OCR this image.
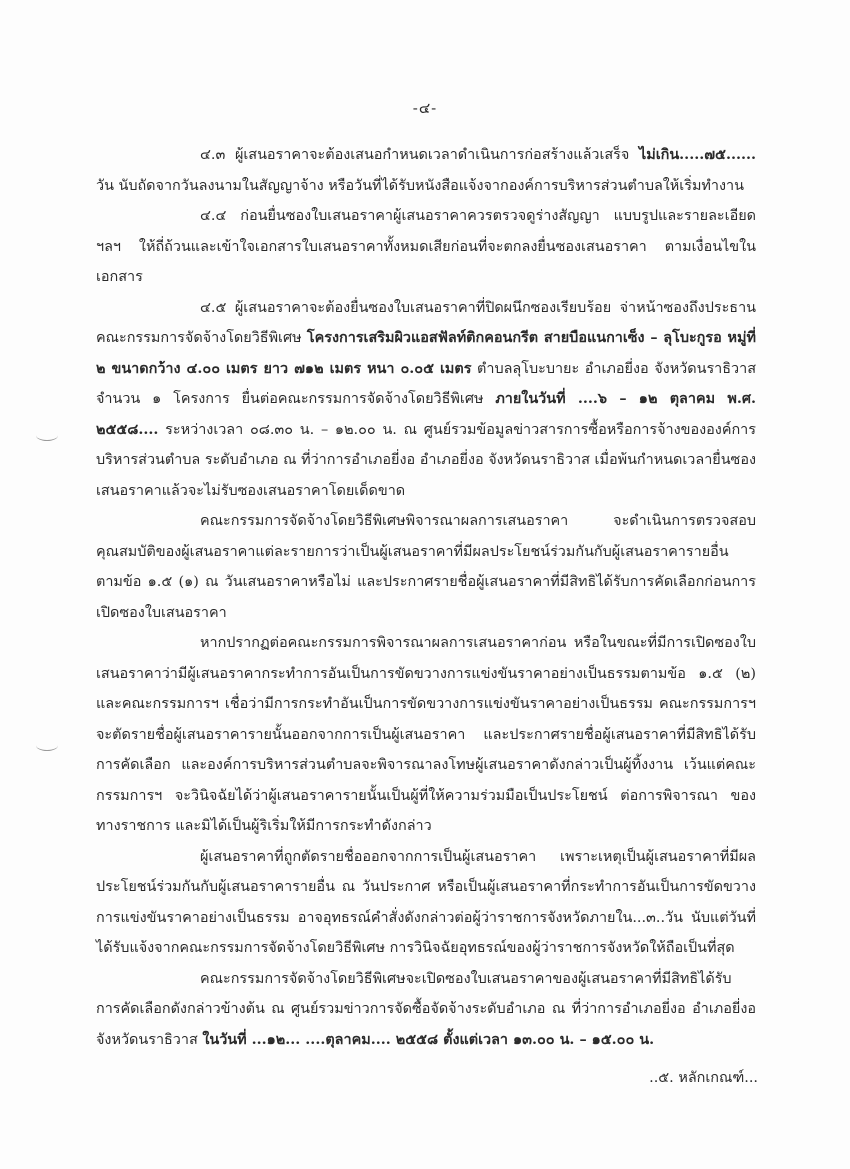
-๔-

๔.๓ ผู้เสนอราคาจะต้องเสนอกำหนดเวลาดำเนินการก่อสร้างแล้วเสร็จ ไม่เกิน.....๗๕...... วัน นับถัดจากวันลงนามในสัญญาจ้าง หรือวันที่ได้รับหนังสือแจ้งจากองค์การบริหารส่วนตำบลให้เริ่มทำงาน

๔.๔ ก่อนยื่นซองใบเสนอราคาผู้เสนอราคาควรตรวจดูร่างสัญญา แบบรูปและรายละเอียด ฯลฯ ให้ถี่ถ้วนและเข้าใจเอกสารใบเสนอราคาทั้งหมดเสียก่อนที่จะตกลงยื่นซองเสนอราคา ตามเงื่อนไขในเอกสาร

๔.๕ ผู้เสนอราคาจะต้องยื่นซองใบเสนอราคาที่ปิดผนึกซองเรียบร้อย จ่าหน้าซองถึงประธานคณะกรรมการจัดจ้างโดยวิธีพิเศษ โครงการเสริมผิวแอสฟัลท์ติกคอนกรีต สายบือแนกาเซ็ง – ลุโบะกูรอ หมู่ที่ ๒ ขนาดกว้าง ๔.๐๐ เมตร ยาว ๗๑๒ เมตร หนา ๐.๐๕ เมตร ตำบลลุโบะบายะ อำเภอยี่งอ จังหวัดนราธิวาส จำนวน ๑ โครงการ ยื่นต่อคณะกรรมการจัดจ้างโดยวิธีพิเศษ ภายในวันที่ ....๖ – ๑๒ ตุลาคม พ.ศ. ๒๕๕๘.... ระหว่างเวลา ๐๘.๓๐ น. – ๑๒.๐๐ น. ณ ศูนย์รวมข้อมูลข่าวสารการซื้อหรือการจ้างขององค์การบริหารส่วนตำบล ระดับอำเภอ ณ ที่ว่าการอำเภอยี่งอ อำเภอยี่งอ จังหวัดนราธิวาส เมื่อพ้นกำหนดเวลายื่นซองเสนอราคาแล้วจะไม่รับซองเสนอราคาโดยเด็ดขาด

คณะกรรมการจัดจ้างโดยวิธีพิเศษพิจารณาผลการเสนอราคา จะดำเนินการตรวจสอบคุณสมบัติของผู้เสนอราคาแต่ละรายการว่าเป็นผู้เสนอราคาที่มีผลประโยชน์ร่วมกันกับผู้เสนอราคารายอื่น ตามข้อ ๑.๕ (๑) ณ วันเสนอราคาหรือไม่ และประกาศรายชื่อผู้เสนอราคาที่มีสิทธิได้รับการคัดเลือกก่อนการเปิดซองใบเสนอราคา

หากปรากฏต่อคณะกรรมการพิจารณาผลการเสนอราคาก่อน หรือในขณะที่มีการเปิดซองใบเสนอราคาว่ามีผู้เสนอราคากระทำการอันเป็นการขัดขวางการแข่งขันราคาอย่างเป็นธรรมตามข้อ ๑.๕ (๒) และคณะกรรมการฯ เชื่อว่ามีการกระทำอันเป็นการขัดขวางการแข่งขันราคาอย่างเป็นธรรม คณะกรรมการฯ จะตัดรายชื่อผู้เสนอราคารายนั้นออกจากการเป็นผู้เสนอราคา และประกาศรายชื่อผู้เสนอราคาที่มีสิทธิได้รับการคัดเลือก และองค์การบริหารส่วนตำบลจะพิจารณาลงโทษผู้เสนอราคาดังกล่าวเป็นผู้ทิ้งงาน เว้นแต่คณะกรรมการฯ จะวินิจฉัยได้ว่าผู้เสนอราคารายนั้นเป็นผู้ที่ให้ความร่วมมือเป็นประโยชน์ ต่อการพิจารณา ของทางราชการ และมิได้เป็นผู้ริเริ่มให้มีการกระทำดังกล่าว

ผู้เสนอราคาที่ถูกตัดรายชื่อออกจากการเป็นผู้เสนอราคา เพราะเหตุเป็นผู้เสนอราคาที่มีผลประโยชน์ร่วมกันกับผู้เสนอราคารายอื่น ณ วันประกาศ หรือเป็นผู้เสนอราคาที่กระทำการอันเป็นการขัดขวางการแข่งขันราคาอย่างเป็นธรรม อาจอุทธรณ์คำสั่งดังกล่าวต่อผู้ว่าราชการจังหวัดภายใน...๓..วัน นับแต่วันที่ได้รับแจ้งจากคณะกรรมการจัดจ้างโดยวิธีพิเศษ การวินิจฉัยอุทธรณ์ของผู้ว่าราชการจังหวัดให้ถือเป็นที่สุด

คณะกรรมการจัดจ้างโดยวิธีพิเศษจะเปิดซองใบเสนอราคาของผู้เสนอราคาที่มีสิทธิได้รับการคัดเลือกดังกล่าวข้างต้น ณ ศูนย์รวมข่าวการจัดซื้อจัดจ้างระดับอำเภอ ณ ที่ว่าการอำเภอยี่งอ อำเภอยี่งอ จังหวัดนราธิวาส ในวันที่ ...๑๒... ....ตุลาคม.... ๒๕๕๘ ตั้งแต่เวลา ๑๓.๐๐ น. – ๑๕.๐๐ น.

..๕. หลักเกณฑ์...
